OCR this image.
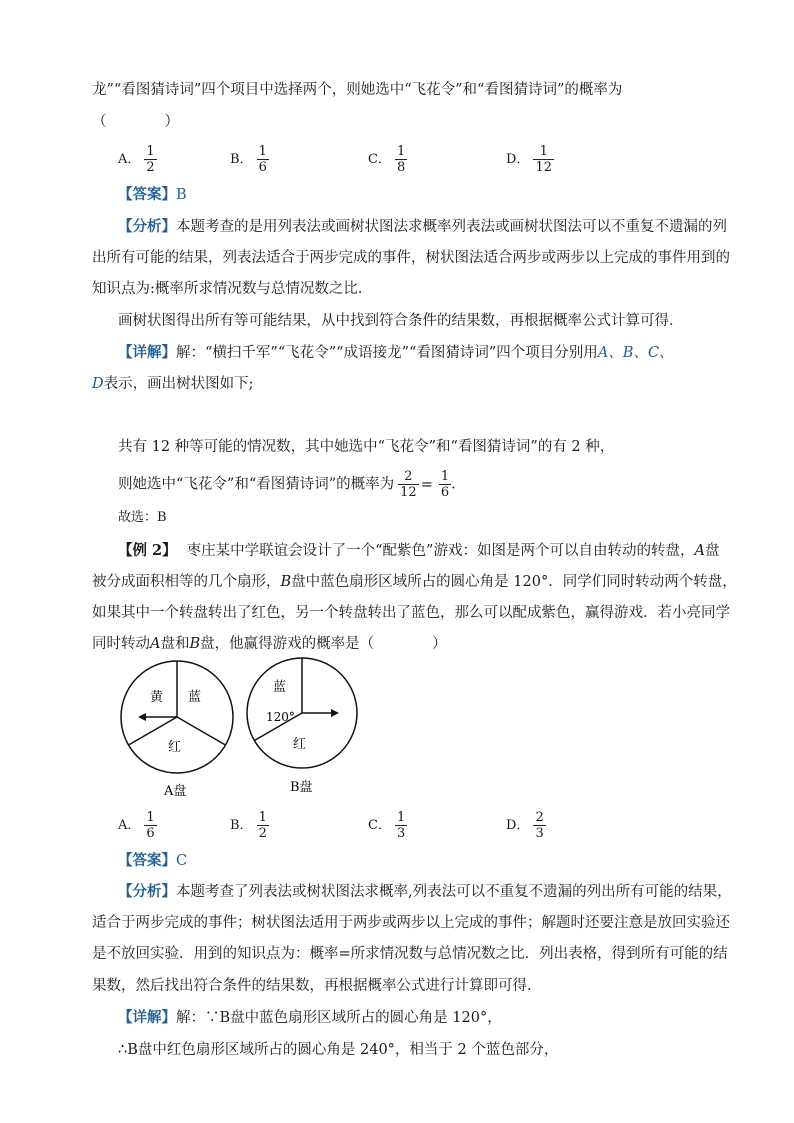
龙”“看图猜诗词”四个项目中选择两个，则她选中“飞花令”和“看图猜诗词”的概率为
（　　　　）
A． $\frac{1}{2}$	B． $\frac{1}{6}$	C． $\frac{1}{8}$	D． $\frac{1}{12}$
【答案】B
【分析】本题考查的是用列表法或画树状图法求概率列表法或画树状图法可以不重复不遗漏的列
出所有可能的结果，列表法适合于两步完成的事件，树状图法适合两步或两步以上完成的事件用到的
知识点为:概率所求情况数与总情况数之比．
画树状图得出所有等可能结果，从中找到符合条件的结果数，再根据概率公式计算可得．
【详解】解：“横扫千军”“飞花令”“成语接龙”“看图猜诗词”四个项目分别用A、B、C、
D表示，画出树状图如下;
共有 12 种等可能的情况数，其中她选中“飞花令”和“看图猜诗词”的有 2 种，
则她选中“飞花令”和“看图猜诗词”的概率为 $\frac{2}{12} = \frac{1}{6}$ ．
故选：B
【例 2】 枣庄某中学联谊会设计了一个“配紫色”游戏：如图是两个可以自由转动的转盘，A盘
被分成面积相等的几个扇形，B盘中蓝色扇形区域所占的圆心角是 120°．同学们同时转动两个转盘，
如果其中一个转盘转出了红色，另一个转盘转出了蓝色，那么可以配成紫色，赢得游戏．若小亮同学
同时转动A盘和B盘，他赢得游戏的概率是（　　　　）
黄 蓝
红
A盘
蓝
120°
红
B盘
A． $\frac{1}{6}$	B． $\frac{1}{2}$	C． $\frac{1}{3}$	D． $\frac{2}{3}$
【答案】C
【分析】本题考查了列表法或树状图法求概率,列表法可以不重复不遗漏的列出所有可能的结果，
适合于两步完成的事件；树状图法适用于两步或两步以上完成的事件；解题时还要注意是放回实验还
是不放回实验．用到的知识点为：概率=所求情况数与总情况数之比．列出表格，得到所有可能的结
果数，然后找出符合条件的结果数，再根据概率公式进行计算即可得．
【详解】解：∵B盘中蓝色扇形区域所占的圆心角是 120°，
∴B盘中红色扇形区域所占的圆心角是 240°，相当于 2 个蓝色部分，
